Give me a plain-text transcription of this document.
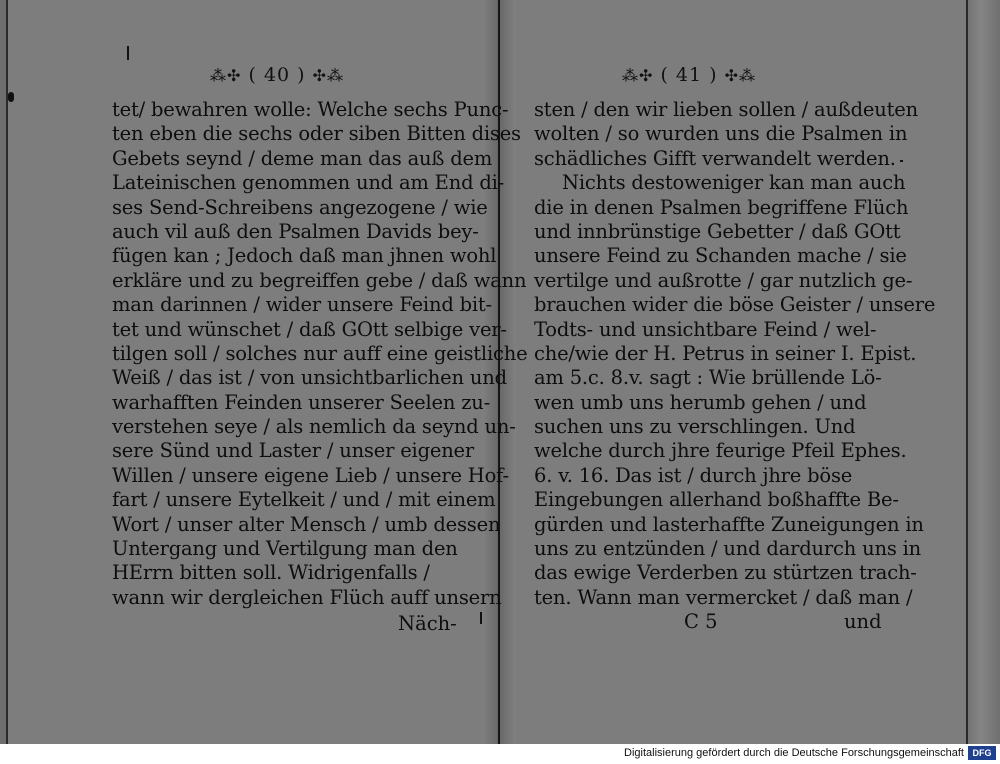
⁂✣ ( 40 ) ✣⁂
tet/ bewahren wolle: Welche sechs Punc-
ten eben die sechs oder siben Bitten dises
Gebets seynd / deme man das auß dem
Lateinischen genommen und am End di-
ses Send-Schreibens angezogene / wie
auch vil auß den Psalmen Davids bey-
fügen kan ; Jedoch daß man jhnen wohl
erkläre und zu begreiffen gebe / daß wann
man darinnen / wider unsere Feind bit-
tet und wünschet / daß GOtt selbige ver-
tilgen soll / solches nur auff eine geistliche
Weiß / das ist / von unsichtbarlichen und
warhafften Feinden unserer Seelen zu-
verstehen seye / als nemlich da seynd un-
sere Sünd und Laster / unser eigener
Willen / unsere eigene Lieb / unsere Hof-
fart / unsere Eytelkeit / und / mit einem
Wort / unser alter Mensch / umb dessen
Untergang und Vertilgung man den
HErrn bitten soll. Widrigenfalls /
wann wir dergleichen Flüch auff unsern
Näch-
⁂✣ ( 41 ) ✣⁂
sten / den wir lieben sollen / außdeuten
wolten / so wurden uns die Psalmen in
schädliches Gifft verwandelt werden.
Nichts destoweniger kan man auch
die in denen Psalmen begriffene Flüch
und innbrünstige Gebetter / daß GOtt
unsere Feind zu Schanden mache / sie
vertilge und außrotte / gar nutzlich ge-
brauchen wider die böse Geister / unsere
Todts- und unsichtbare Feind / wel-
che/wie der H. Petrus in seiner I. Epist.
am 5.c. 8.v. sagt : Wie brüllende Lö-
wen umb uns herumb gehen / und
suchen uns zu verschlingen. Und
welche durch jhre feurige Pfeil Ephes.
6. v. 16. Das ist / durch jhre böse
Eingebungen allerhand boßhaffte Be-
gürden und lasterhaffte Zuneigungen in
uns zu entzünden / und dardurch uns in
das ewige Verderben zu stürtzen trach-
ten. Wann man vermercket / daß man /
C 5	und
Digitalisierung gefördert durch die Deutsche Forschungsgemeinschaft DFG
